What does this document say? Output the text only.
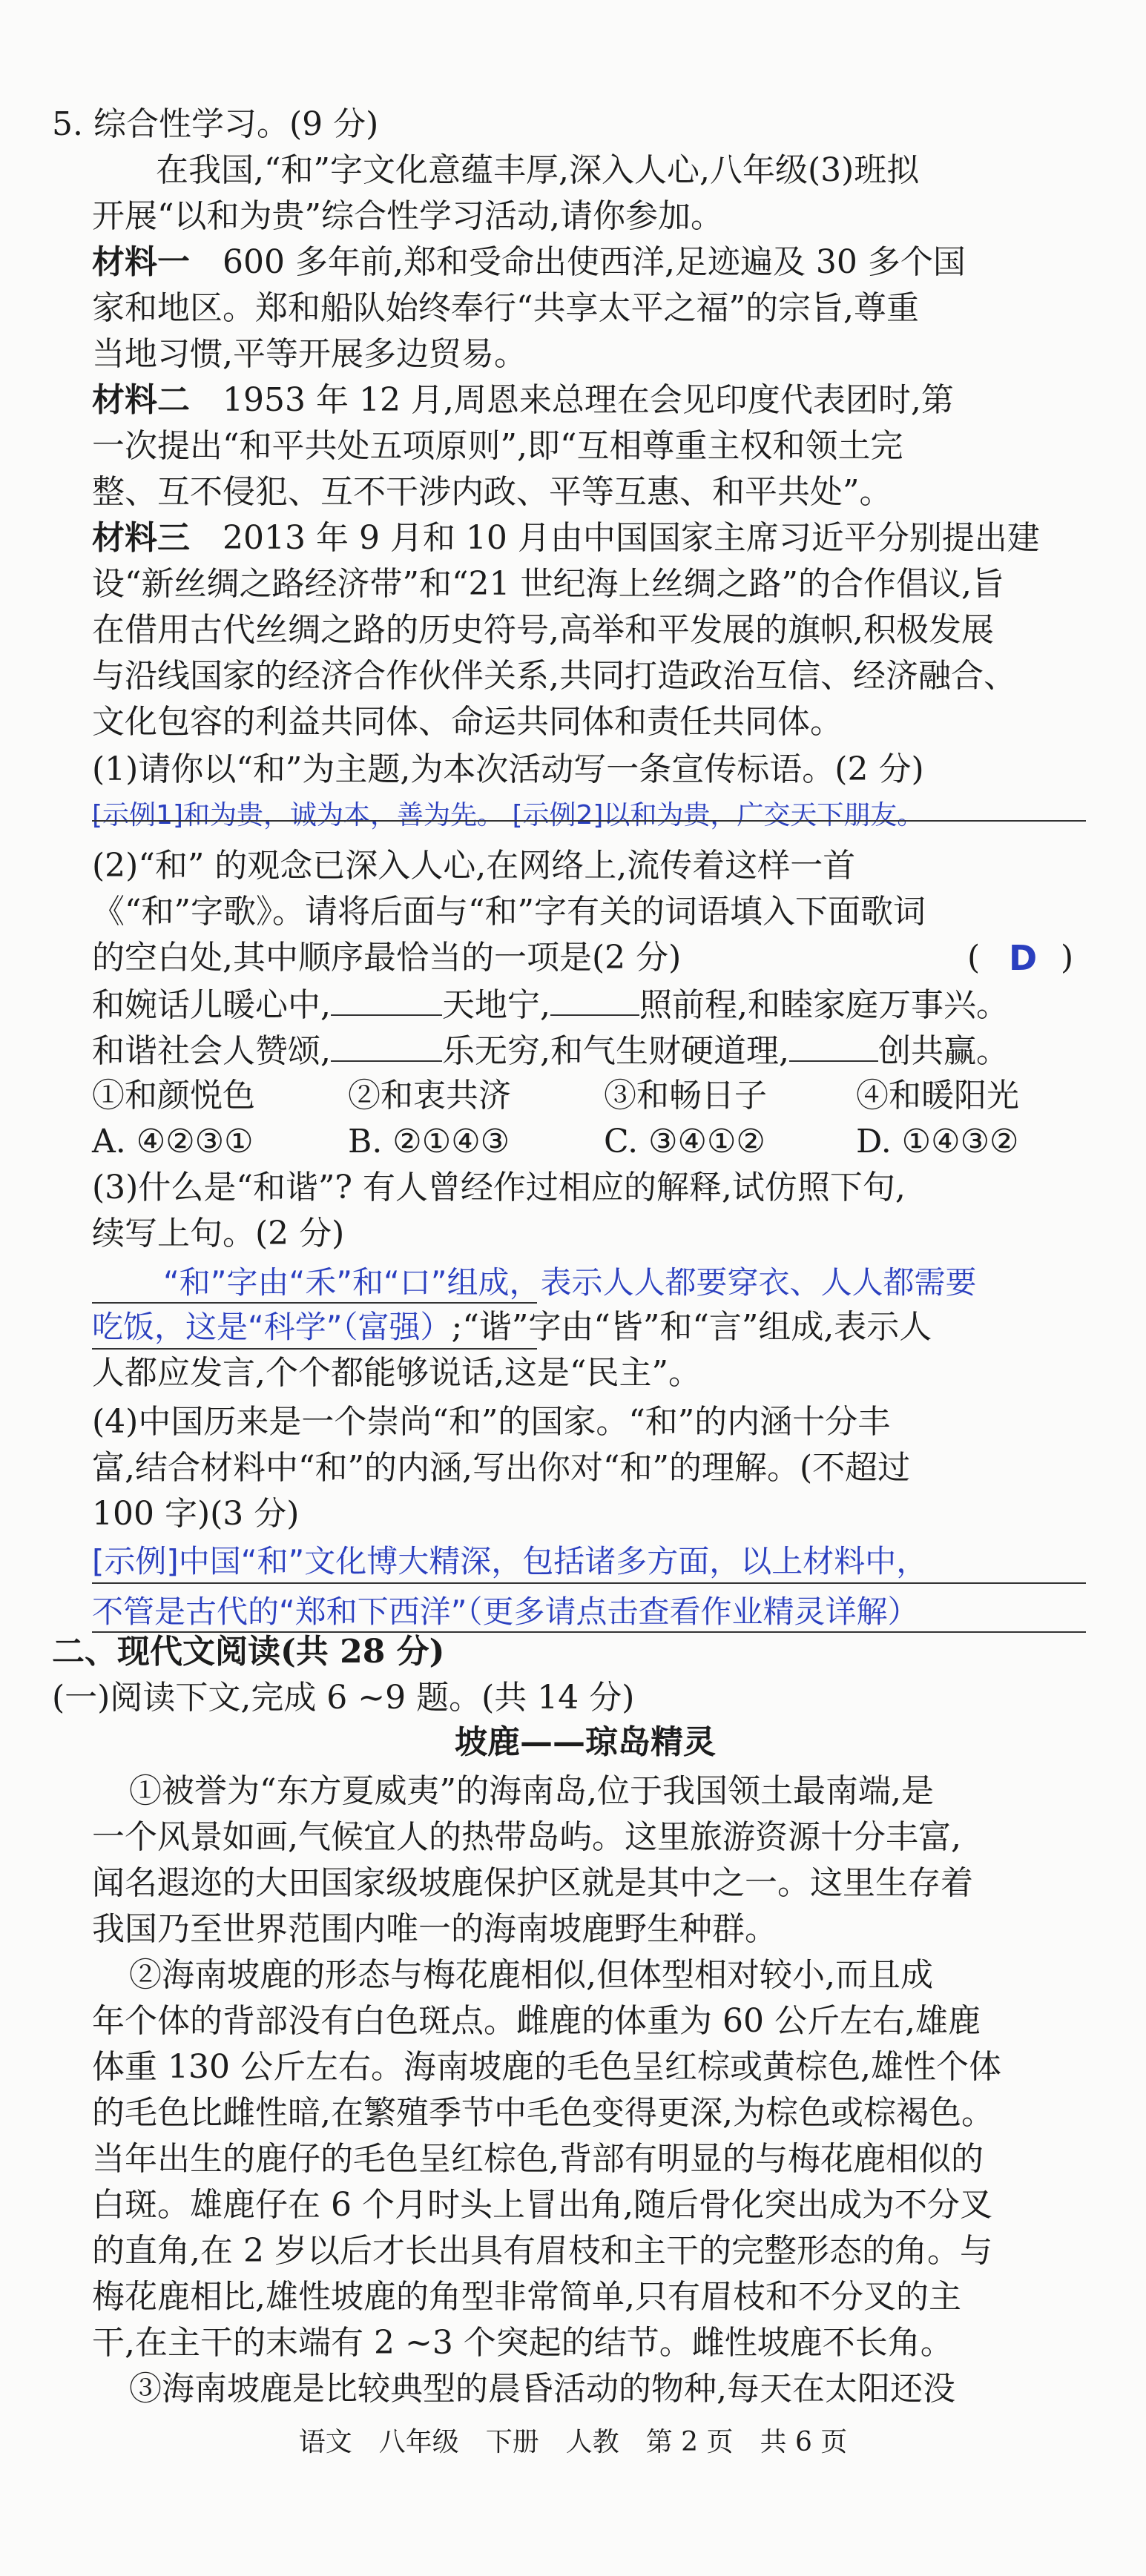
5. 综合性学习。(9 分)
在我国,“和”字文化意蕴丰厚,深入人心,八年级(3)班拟
开展“以和为贵”综合性学习活动,请你参加。
材料一　 600 多年前,郑和受命出使西洋,足迹遍及 30 多个国
家和地区。郑和船队始终奉行“共享太平之福”的宗旨,尊重
当地习惯,平等开展多边贸易。
材料二　 1953 年 12 月,周恩来总理在会见印度代表团时,第
一次提出“和平共处五项原则”,即“互相尊重主权和领土完
整、互不侵犯、互不干涉内政、平等互惠、和平共处”。
材料三　 2013 年 9 月和 10 月由中国国家主席习近平分别提出建
设“新丝绸之路经济带”和“21 世纪海上丝绸之路”的合作倡议,旨
在借用古代丝绸之路的历史符号,高举和平发展的旗帜,积极发展
与沿线国家的经济合作伙伴关系,共同打造政治互信、经济融合、
文化包容的利益共同体、命运共同体和责任共同体。
(1)请你以“和”为主题,为本次活动写一条宣传标语。(2 分)
[示例1]和为贵，诚为本，善为先。 [示例2]以和为贵，广交天下朋友。
(2)“和” 的观念已深入人心,在网络上,流传着这样一首
《“和”字歌》。请将后面与“和”字有关的词语填入下面歌词
的空白处,其中顺序最恰当的一项是(2 分)	( D )
和婉话儿暖心中,	天地宁,	照前程,和睦家庭万事兴。
和谐社会人赞颂,	乐无穷,和气生财硬道理,	创共赢。
①和颜悦色	②和衷共济	③和畅日子	④和暖阳光
A. ④②③①	B. ②①④③	C. ③④①②	D. ①④③②
(3)什么是“和谐”? 有人曾经作过相应的解释,试仿照下句,
续写上句。(2 分)
“和”字由“禾”和“口”组成，表示人人都要穿衣、人人都需要
吃饭，这是“科学”（富强）;“谐”字由“皆”和“言”组成,表示人
人都应发言,个个都能够说话,这是“民主”。
(4)中国历来是一个崇尚“和”的国家。“和”的内涵十分丰
富,结合材料中“和”的内涵,写出你对“和”的理解。(不超过
100 字)(3 分)
[示例]中国“和”文化博大精深，包括诸多方面，以上材料中，
不管是古代的“郑和下西洋”（更多请点击查看作业精灵详解）
二、现代文阅读(共 28 分)
(一)阅读下文,完成 6 ~9 题。(共 14 分)
坡鹿——琼岛精灵
①被誉为“东方夏威夷”的海南岛,位于我国领土最南端,是
一个风景如画,气候宜人的热带岛屿。这里旅游资源十分丰富,
闻名遐迩的大田国家级坡鹿保护区就是其中之一。这里生存着
我国乃至世界范围内唯一的海南坡鹿野生种群。
②海南坡鹿的形态与梅花鹿相似,但体型相对较小,而且成
年个体的背部没有白色斑点。雌鹿的体重为 60 公斤左右,雄鹿
体重 130 公斤左右。海南坡鹿的毛色呈红棕或黄棕色,雄性个体
的毛色比雌性暗,在繁殖季节中毛色变得更深,为棕色或棕褐色。
当年出生的鹿仔的毛色呈红棕色,背部有明显的与梅花鹿相似的
白斑。雄鹿仔在 6 个月时头上冒出角,随后骨化突出成为不分叉
的直角,在 2 岁以后才长出具有眉枝和主干的完整形态的角。与
梅花鹿相比,雄性坡鹿的角型非常简单,只有眉枝和不分叉的主
干,在主干的末端有 2 ~3 个突起的结节。雌性坡鹿不长角。
③海南坡鹿是比较典型的晨昏活动的物种,每天在太阳还没
语文　八年级　下册　人教　第 2 页　共 6 页
